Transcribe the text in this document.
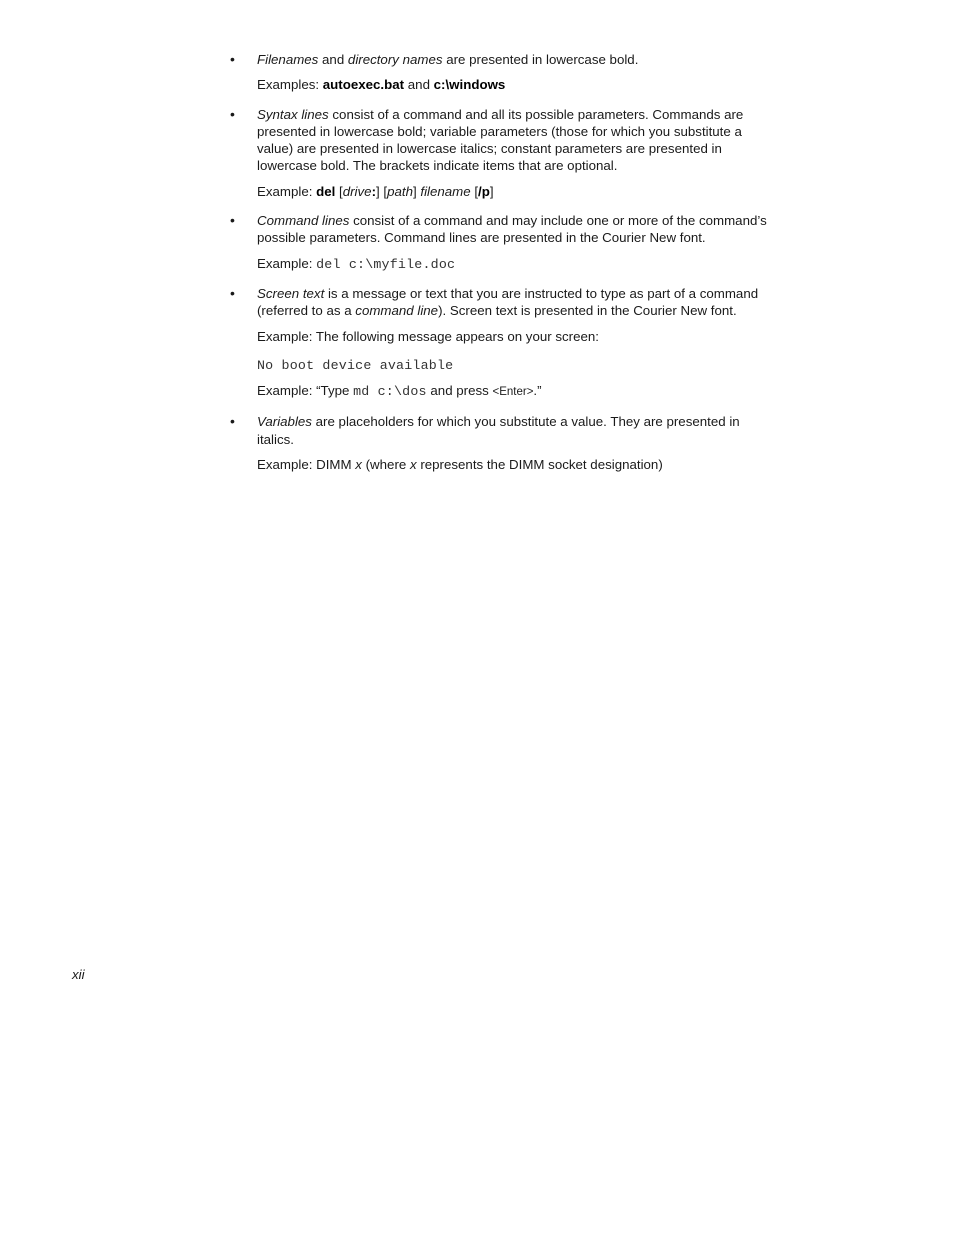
• Filenames and directory names are presented in lowercase bold.

Examples: autoexec.bat and c:\windows

• Syntax lines consist of a command and all its possible parameters. Commands are presented in lowercase bold; variable parameters (those for which you substitute a value) are presented in lowercase italics; constant parameters are presented in lowercase bold. The brackets indicate items that are optional.

Example: del [drive:] [path] filename [/p]

• Command lines consist of a command and may include one or more of the command’s possible parameters. Command lines are presented in the Courier New font.

Example: del c:\myfile.doc

• Screen text is a message or text that you are instructed to type as part of a command (referred to as a command line). Screen text is presented in the Courier New font.

Example: The following message appears on your screen:

No boot device available

Example: “Type md c:\dos and press <Enter>.”

• Variables are placeholders for which you substitute a value. They are presented in italics.

Example: DIMM x (where x represents the DIMM socket designation)

xii
